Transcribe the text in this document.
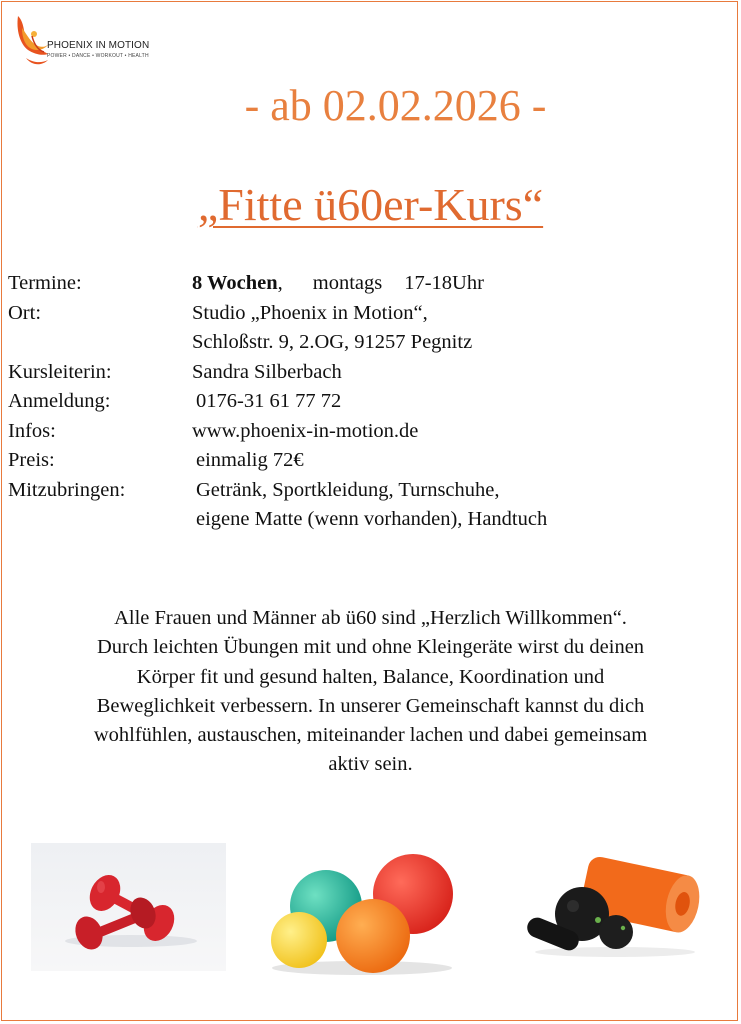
PHOENIX IN MOTION
POWER • DANCE • WORKOUT • HEALTH
- ab 02.02.2026 -
„Fitte ü60er-Kurs“
Termine:	8 Wochen, montags 17-18Uhr
Ort:	Studio „Phoenix in Motion“,
Schloßstr. 9, 2.OG, 91257 Pegnitz
Kursleiterin:	Sandra Silberbach
Anmeldung:	0176-31 61 77 72
Infos:	www.phoenix-in-motion.de
Preis:	einmalig 72€
Mitzubringen:	Getränk, Sportkleidung, Turnschuhe,
eigene Matte (wenn vorhanden), Handtuch
Alle Frauen und Männer ab ü60 sind „Herzlich Willkommen“.
Durch leichten Übungen mit und ohne Kleingeräte wirst du deinen
Körper fit und gesund halten, Balance, Koordination und
Beweglichkeit verbessern. In unserer Gemeinschaft kannst du dich
wohlfühlen, austauschen, miteinander lachen und dabei gemeinsam
aktiv sein.
